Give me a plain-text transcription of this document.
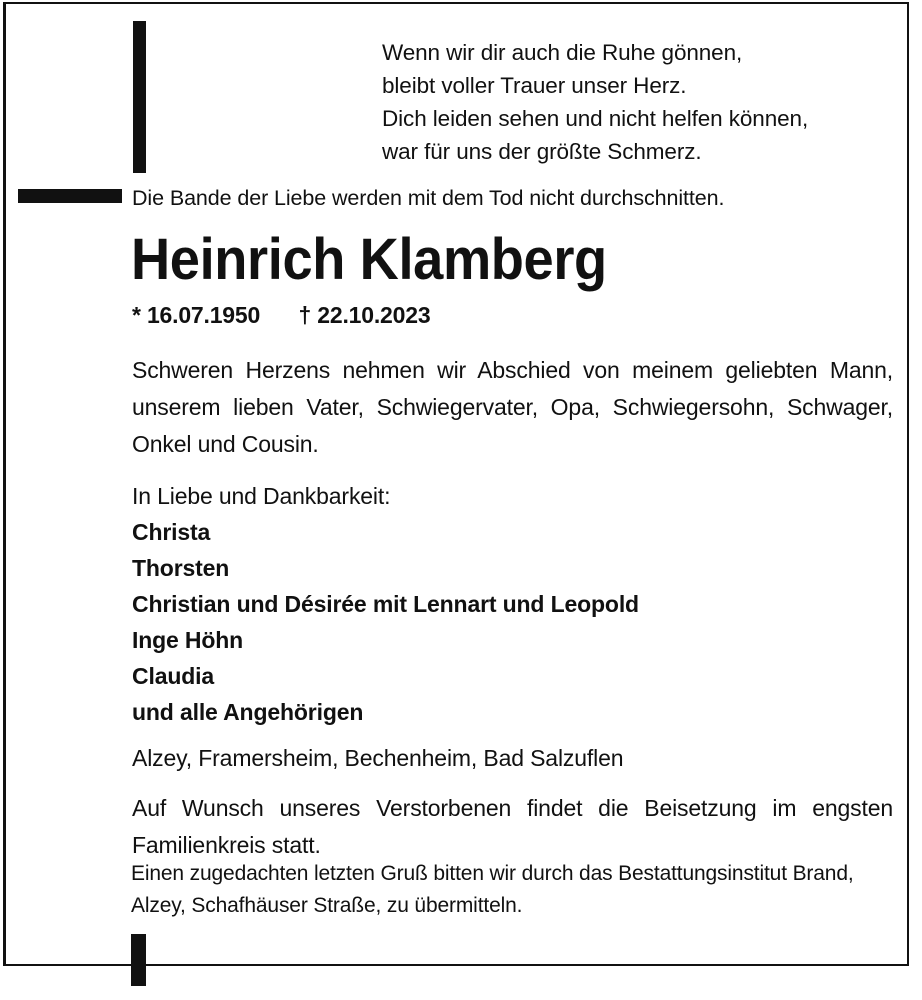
Wenn wir dir auch die Ruhe gönnen,
bleibt voller Trauer unser Herz.
Dich leiden sehen und nicht helfen können,
war für uns der größte Schmerz.
Die Bande der Liebe werden mit dem Tod nicht durchschnitten.
Heinrich Klamberg
* 16.07.1950 † 22.10.2023
Schweren Herzens nehmen wir Abschied von meinem geliebten Mann, unserem lieben Vater, Schwiegervater, Opa, Schwiegersohn, Schwager, Onkel und Cousin.
In Liebe und Dankbarkeit:
Christa
Thorsten
Christian und Désirée mit Lennart und Leopold
Inge Höhn
Claudia
und alle Angehörigen
Alzey, Framersheim, Bechenheim, Bad Salzuflen
Auf Wunsch unseres Verstorbenen findet die Beisetzung im engsten Familienkreis statt.
Einen zugedachten letzten Gruß bitten wir durch das Bestattungsinstitut Brand,
Alzey, Schafhäuser Straße, zu übermitteln.
